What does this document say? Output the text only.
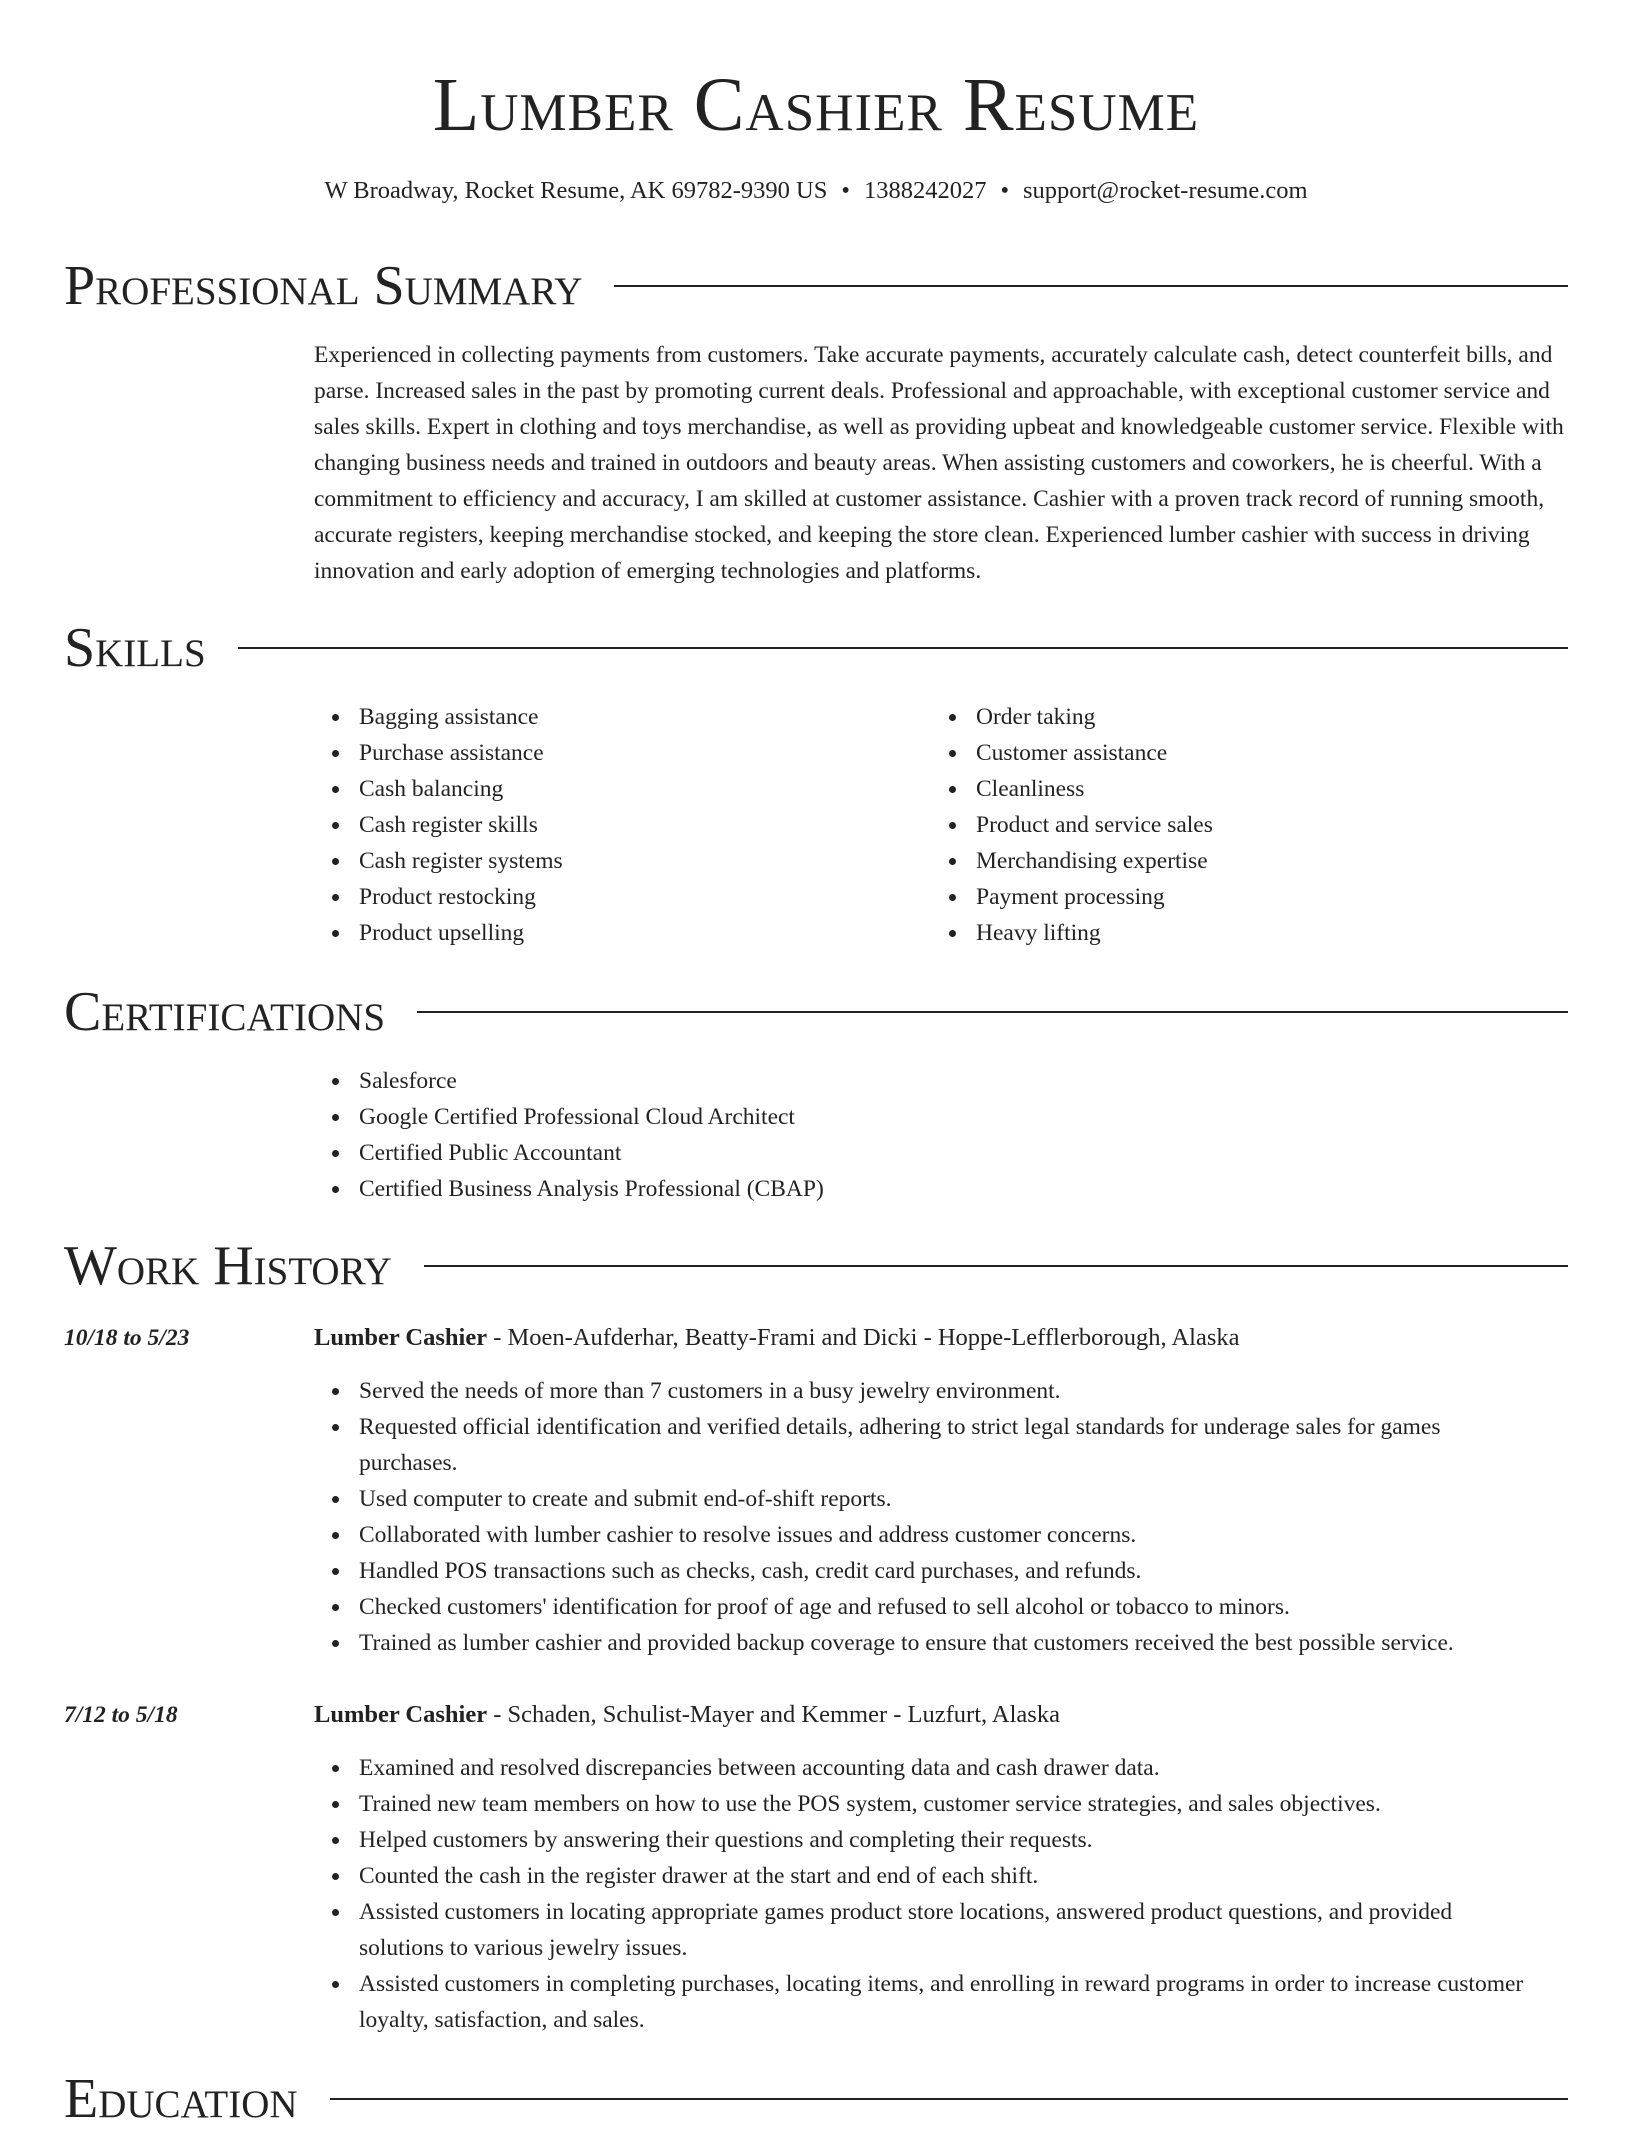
Lumber Cashier Resume
W Broadway, Rocket Resume, AK 69782-9390 US • 1388242027 • support@rocket-resume.com
Professional Summary

Experienced in collecting payments from customers. Take accurate payments, accurately calculate cash, detect counterfeit bills, and parse. Increased sales in the past by promoting current deals. Professional and approachable, with exceptional customer service and sales skills. Expert in clothing and toys merchandise, as well as providing upbeat and knowledgeable customer service. Flexible with changing business needs and trained in outdoors and beauty areas. When assisting customers and coworkers, he is cheerful. With a commitment to efficiency and accuracy, I am skilled at customer assistance. Cashier with a proven track record of running smooth, accurate registers, keeping merchandise stocked, and keeping the store clean. Experienced lumber cashier with success in driving innovation and early adoption of emerging technologies and platforms.

Skills
Bagging assistance
Purchase assistance
Cash balancing
Cash register skills
Cash register systems
Product restocking
Product upselling
Order taking
Customer assistance
Cleanliness
Product and service sales
Merchandising expertise
Payment processing
Heavy lifting
Certifications
Salesforce
Google Certified Professional Cloud Architect
Certified Public Accountant
Certified Business Analysis Professional (CBAP)
Work History
10/18 to 5/23	Lumber Cashier - Moen-Aufderhar, Beatty-Frami and Dicki - Hoppe-Lefflerborough, Alaska
Served the needs of more than 7 customers in a busy jewelry environment.
Requested official identification and verified details, adhering to strict legal standards for underage sales for games purchases.
Used computer to create and submit end-of-shift reports.
Collaborated with lumber cashier to resolve issues and address customer concerns.
Handled POS transactions such as checks, cash, credit card purchases, and refunds.
Checked customers' identification for proof of age and refused to sell alcohol or tobacco to minors.
Trained as lumber cashier and provided backup coverage to ensure that customers received the best possible service.
7/12 to 5/18	Lumber Cashier - Schaden, Schulist-Mayer and Kemmer - Luzfurt, Alaska
Examined and resolved discrepancies between accounting data and cash drawer data.
Trained new team members on how to use the POS system, customer service strategies, and sales objectives.
Helped customers by answering their questions and completing their requests.
Counted the cash in the register drawer at the start and end of each shift.
Assisted customers in locating appropriate games product store locations, answered product questions, and provided solutions to various jewelry issues.
Assisted customers in completing purchases, locating items, and enrolling in reward programs in order to increase customer loyalty, satisfaction, and sales.
Education
